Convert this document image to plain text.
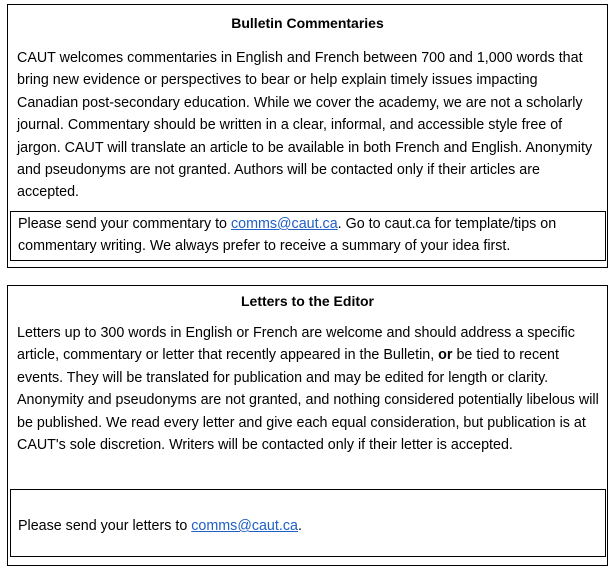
Bulletin Commentaries

CAUT welcomes commentaries in English and French between 700 and 1,000 words that bring new evidence or perspectives to bear or help explain timely issues impacting Canadian post-secondary education. While we cover the academy, we are not a scholarly journal. Commentary should be written in a clear, informal, and accessible style free of jargon. CAUT will translate an article to be available in both French and English. Anonymity and pseudonyms are not granted. Authors will be contacted only if their articles are accepted.

Please send your commentary to comms@caut.ca. Go to caut.ca for template/tips on commentary writing. We always prefer to receive a summary of your idea first.
Letters to the Editor

Letters up to 300 words in English or French are welcome and should address a specific article, commentary or letter that recently appeared in the Bulletin, or be tied to recent events. They will be translated for publication and may be edited for length or clarity. Anonymity and pseudonyms are not granted, and nothing considered potentially libelous will be published. We read every letter and give each equal consideration, but publication is at CAUT's sole discretion. Writers will be contacted only if their letter is accepted.

Please send your letters to comms@caut.ca.
